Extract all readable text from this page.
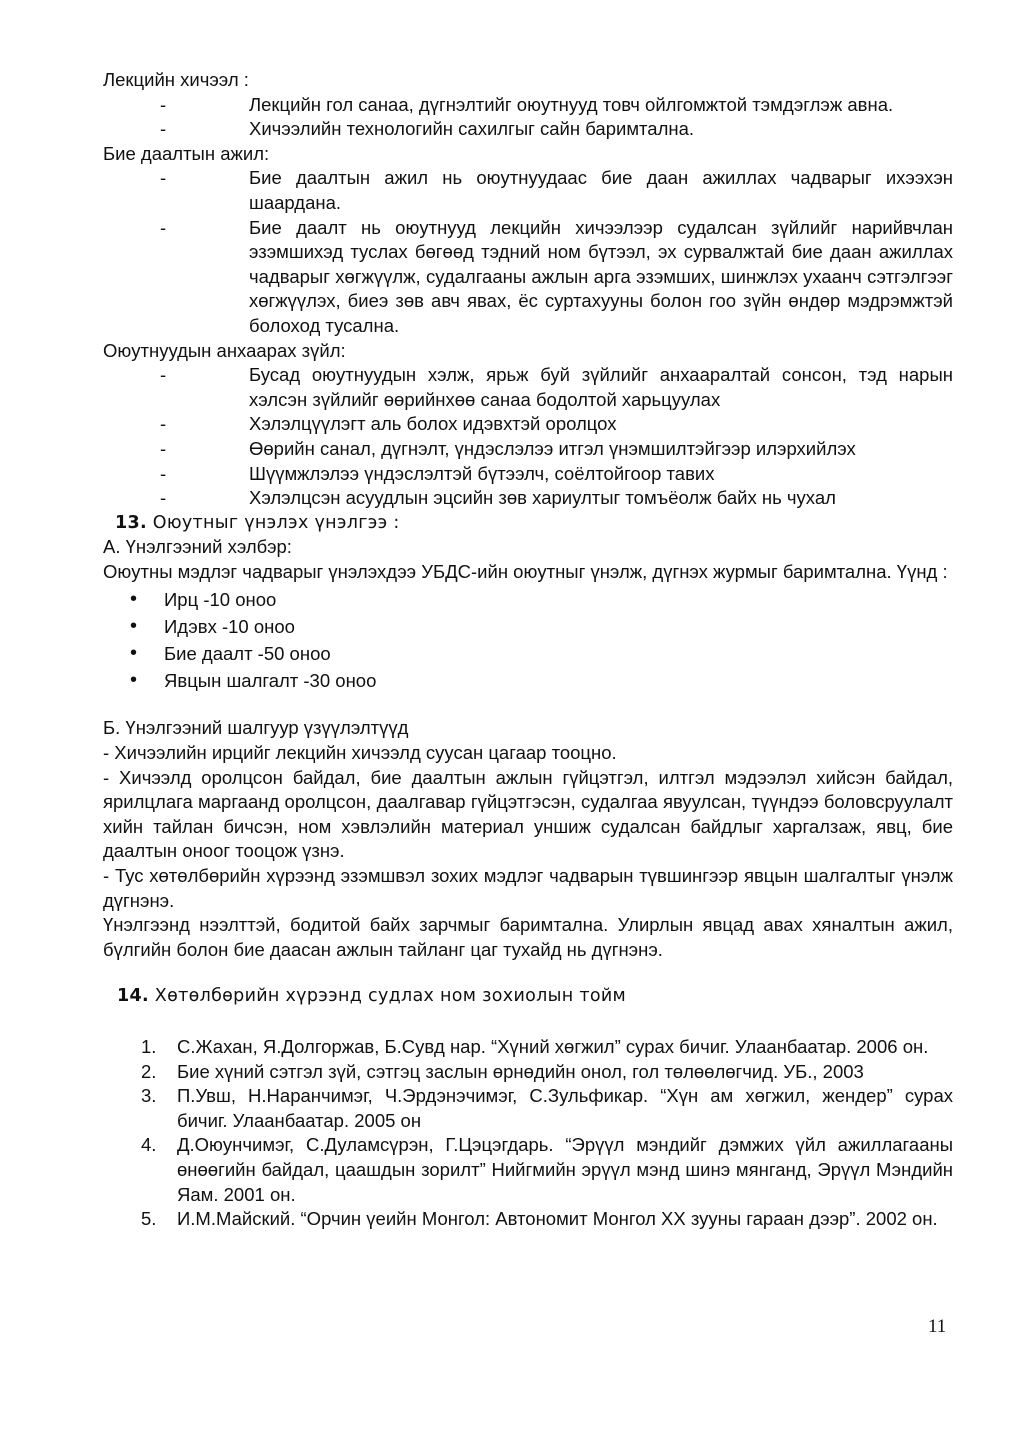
Лекцийн хичээл :
-	Лекцийн гол санаа, дүгнэлтийг оюутнууд товч ойлгомжтой тэмдэглэж авна.
-	Хичээлийн технологийн сахилгыг сайн баримтална.
Бие даалтын ажил:
-	Бие даалтын ажил нь оюутнуудаас бие даан ажиллах чадварыг ихээхэн шаардана.
-	Бие даалт нь оюутнууд лекцийн хичээлээр судалсан зүйлийг нарийвчлан эзэмшихэд туслах бөгөөд тэдний ном бүтээл, эх сурвалжтай бие даан ажиллах чадварыг хөгжүүлж, судалгааны ажлын арга эзэмших, шинжлэх ухаанч сэтгэлгээг хөгжүүлэх, биеэ зөв авч явах, ёс суртахууны болон гоо зүйн өндөр мэдрэмжтэй болоход тусална.
Оюутнуудын анхаарах зүйл:
-	Бусад оюутнуудын хэлж, ярьж буй зүйлийг анхааралтай сонсон, тэд нарын хэлсэн зүйлийг өөрийнхөө санаа бодолтой харьцуулах
-	Хэлэлцүүлэгт аль болох идэвхтэй оролцох
-	Өөрийн санал, дүгнэлт, үндэслэлээ итгэл үнэмшилтэйгээр илэрхийлэх
-	Шүүмжлэлээ үндэслэлтэй бүтээлч, соёлтойгоор тавих
-	Хэлэлцсэн асуудлын эцсийн зөв хариултыг томъёолж байх нь чухал
13. Оюутныг үнэлэх үнэлгээ :
А. Үнэлгээний хэлбэр:
Оюутны мэдлэг чадварыг үнэлэхдээ УБДС-ийн оюутныг үнэлж, дүгнэх журмыг баримтална. Үүнд :
•	Ирц -10 оноо
•	Идэвх -10 оноо
•	Бие даалт -50 оноо
•	Явцын шалгалт -30 оноо
Б. Үнэлгээний шалгуур үзүүлэлтүүд
- Хичээлийн ирцийг лекцийн хичээлд суусан цагаар тооцно.
- Хичээлд оролцсон байдал, бие даалтын ажлын гүйцэтгэл, илтгэл мэдээлэл хийсэн байдал, ярилцлага маргаанд оролцсон, даалгавар гүйцэтгэсэн, судалгаа явуулсан, түүндээ боловсруулалт хийн тайлан бичсэн, ном хэвлэлийн материал уншиж судалсан байдлыг харгалзаж, явц, бие даалтын оноог тооцож үзнэ.
- Тус хөтөлбөрийн хүрээнд эзэмшвэл зохих мэдлэг чадварын түвшингээр явцын шалгалтыг үнэлж дүгнэнэ.
Үнэлгээнд нээлттэй, бодитой байх зарчмыг баримтална. Улирлын явцад авах хяналтын ажил, бүлгийн болон бие даасан ажлын тайланг цаг тухайд нь дүгнэнэ.
14. Хөтөлбөрийн хүрээнд судлах ном зохиолын тойм
1.	С.Жахан, Я.Долгоржав, Б.Сувд нар. “Хүний хөгжил” сурах бичиг. Улаанбаатар. 2006 он.
2.	Бие хүний сэтгэл зүй, сэтгэц заслын өрнөдийн онол, гол төлөөлөгчид. УБ., 2003
3.	П.Увш, Н.Наранчимэг, Ч.Эрдэнэчимэг, С.Зульфикар. “Хүн ам хөгжил, жендер” сурах бичиг. Улаанбаатар. 2005 он
4.	Д.Оюунчимэг, С.Дуламсүрэн, Г.Цэцэгдарь. “Эрүүл мэндийг дэмжих үйл ажиллагааны өнөөгийн байдал, цаашдын зорилт” Нийгмийн эрүүл мэнд шинэ мянганд, Эрүүл Мэндийн Яам. 2001 он.
5.	И.М.Майский. “Орчин үеийн Монгол: Автономит Монгол XX зууны гараан дээр”. 2002 он.
11
